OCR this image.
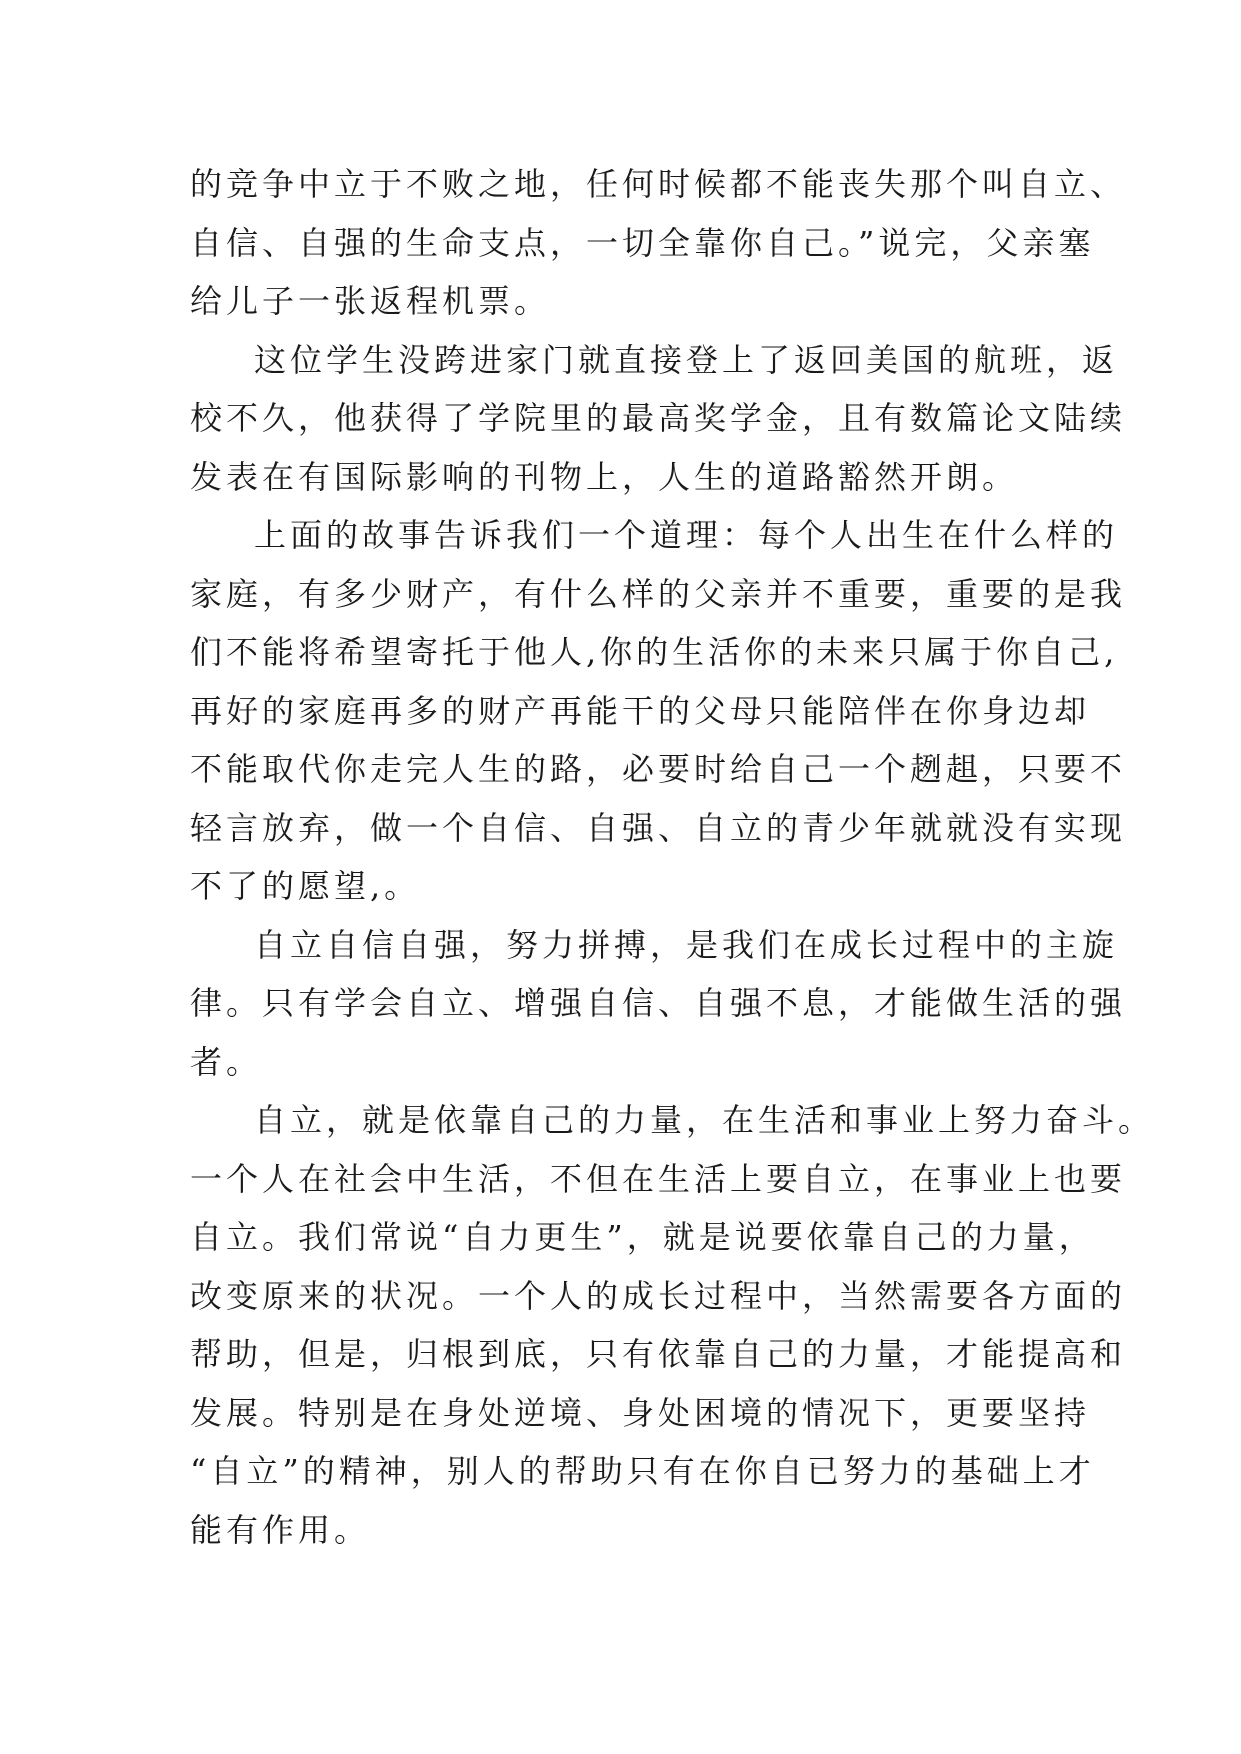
的竞争中立于不败之地，任何时候都不能丧失那个叫自立、
自信、自强的生命支点，一切全靠你自己。”说完，父亲塞
给儿子一张返程机票。
这位学生没跨进家门就直接登上了返回美国的航班，返
校不久，他获得了学院里的最高奖学金，且有数篇论文陆续
发表在有国际影响的刊物上，人生的道路豁然开朗。
上面的故事告诉我们一个道理：每个人出生在什么样的
家庭，有多少财产，有什么样的父亲并不重要，重要的是我
们不能将希望寄托于他人,你的生活你的未来只属于你自己,
再好的家庭再多的财产再能干的父母只能陪伴在你身边却
不能取代你走完人生的路，必要时给自己一个趔趄，只要不
轻言放弃，做一个自信、自强、自立的青少年就就没有实现
不了的愿望,。
自立自信自强，努力拼搏，是我们在成长过程中的主旋
律。只有学会自立、增强自信、自强不息，才能做生活的强
者。
自立，就是依靠自己的力量，在生活和事业上努力奋斗。
一个人在社会中生活，不但在生活上要自立，在事业上也要
自立。我们常说“自力更生”，就是说要依靠自己的力量，
改变原来的状况。一个人的成长过程中，当然需要各方面的
帮助，但是，归根到底，只有依靠自己的力量，才能提高和
发展。特别是在身处逆境、身处困境的情况下，更要坚持
“自立”的精神，别人的帮助只有在你自已努力的基础上才
能有作用。
